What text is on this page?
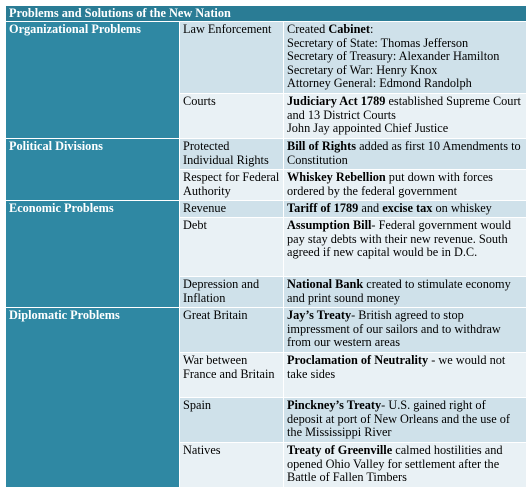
Problems and Solutions of the New Nation		
Organizational Problems	Law Enforcement	Created Cabinet:
Secretary of State: Thomas Jefferson
Secretary of Treasury: Alexander Hamilton
Secretary of War: Henry Knox
Attorney General: Edmond Randolph

	Courts	Judiciary Act 1789 established Supreme Court and 13 District Courts
John Jay appointed Chief Justice

Political Divisions	Protected Individual Rights	Bill of Rights added as first 10 Amendments to Constitution
	Respect for Federal Authority	Whiskey Rebellion put down with forces ordered by the federal government
Economic Problems	Revenue	Tariff of 1789 and excise tax on whiskey
	Debt	Assumption Bill- Federal government would pay stay debts with their new revenue. South agreed if new capital would be in D.C.
	Depression and Inflation	National Bank created to stimulate economy and print sound money
Diplomatic Problems	Great Britain	Jay’s Treaty- British agreed to stop impressment of our sailors and to withdraw from our western areas
	War between France and Britain	Proclamation of Neutrality - we would not take sides
	Spain	Pinckney’s Treaty- U.S. gained right of deposit at port of New Orleans and the use of the Mississippi River
	Natives	Treaty of Greenville calmed hostilities and opened Ohio Valley for settlement after the Battle of Fallen Timbers
